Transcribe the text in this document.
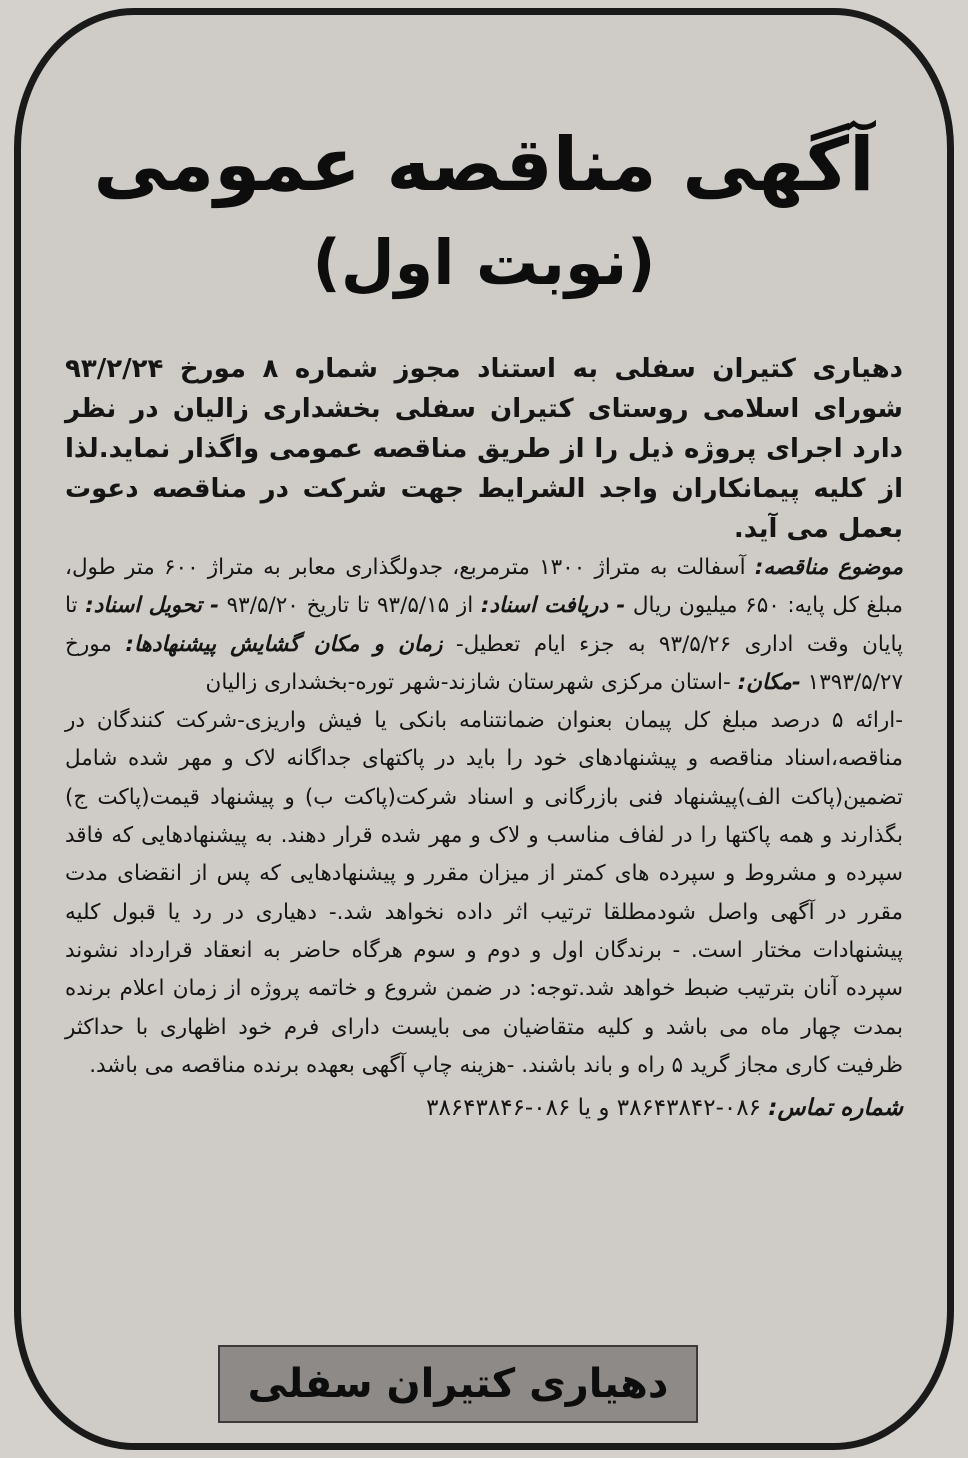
آگهی مناقصه عمومی
(نوبت اول)
دهیاری کتیران سفلی به استناد مجوز شماره ۸ مورخ ۹۳/۲/۲۴ شورای اسلامی روستای کتیران سفلی بخشداری زالیان در نظر دارد اجرای پروژه ذیل را از طریق مناقصه عمومی واگذار نماید.لذا از کلیه پیمانکاران واجد الشرایط جهت شرکت در مناقصه دعوت بعمل می آید.

موضوع مناقصه: آسفالت به متراژ ۱۳۰۰ مترمربع، جدولگذاری معابر به متراژ ۶۰۰ متر طول، مبلغ کل پایه: ۶۵۰ میلیون ریال - دریافت اسناد: از ۹۳/۵/۱۵ تا تاریخ ۹۳/۵/۲۰ - تحویل اسناد: تا پایان وقت اداری ۹۳/۵/۲۶ به جزء ایام تعطیل- زمان و مکان گشایش پیشنهادها: مورخ ۱۳۹۳/۵/۲۷ -مکان: -استان مرکزی شهرستان شازند-شهر توره-بخشداری زالیان

-ارائه ۵ درصد مبلغ کل پیمان بعنوان ضمانتنامه بانکی یا فیش واریزی-شرکت کنندگان در مناقصه،اسناد مناقصه و پیشنهادهای خود را باید در پاکتهای جداگانه لاک و مهر شده شامل تضمین(پاکت الف)پیشنهاد فنی بازرگانی و اسناد شرکت(پاکت ب) و پیشنهاد قیمت(پاکت ج) بگذارند و همه پاکتها را در لفاف مناسب و لاک و مهر شده قرار دهند. به پیشنهادهایی که فاقد سپرده و مشروط و سپرده های کمتر از میزان مقرر و پیشنهادهایی که پس از انقضای مدت مقرر در آگهی واصل شودمطلقا ترتیب اثر داده نخواهد شد.- دهیاری در رد یا قبول کلیه پیشنهادات مختار است. - برندگان اول و دوم و سوم هرگاه حاضر به انعقاد قرارداد نشوند سپرده آنان بترتیب ضبط خواهد شد.توجه: در ضمن شروع و خاتمه پروژه از زمان اعلام برنده بمدت چهار ماه می باشد و کلیه متقاضیان می بایست دارای فرم خود اظهاری با حداکثر ظرفیت کاری مجاز گرید ۵ راه و باند باشند. -هزینه چاپ آگهی بعهده برنده مناقصه می باشد.

شماره تماس: ۰۸۶-۳۸۶۴۳۸۴۲ و یا ۰۸۶-۳۸۶۴۳۸۴۶
دهیاری کتیران سفلی
